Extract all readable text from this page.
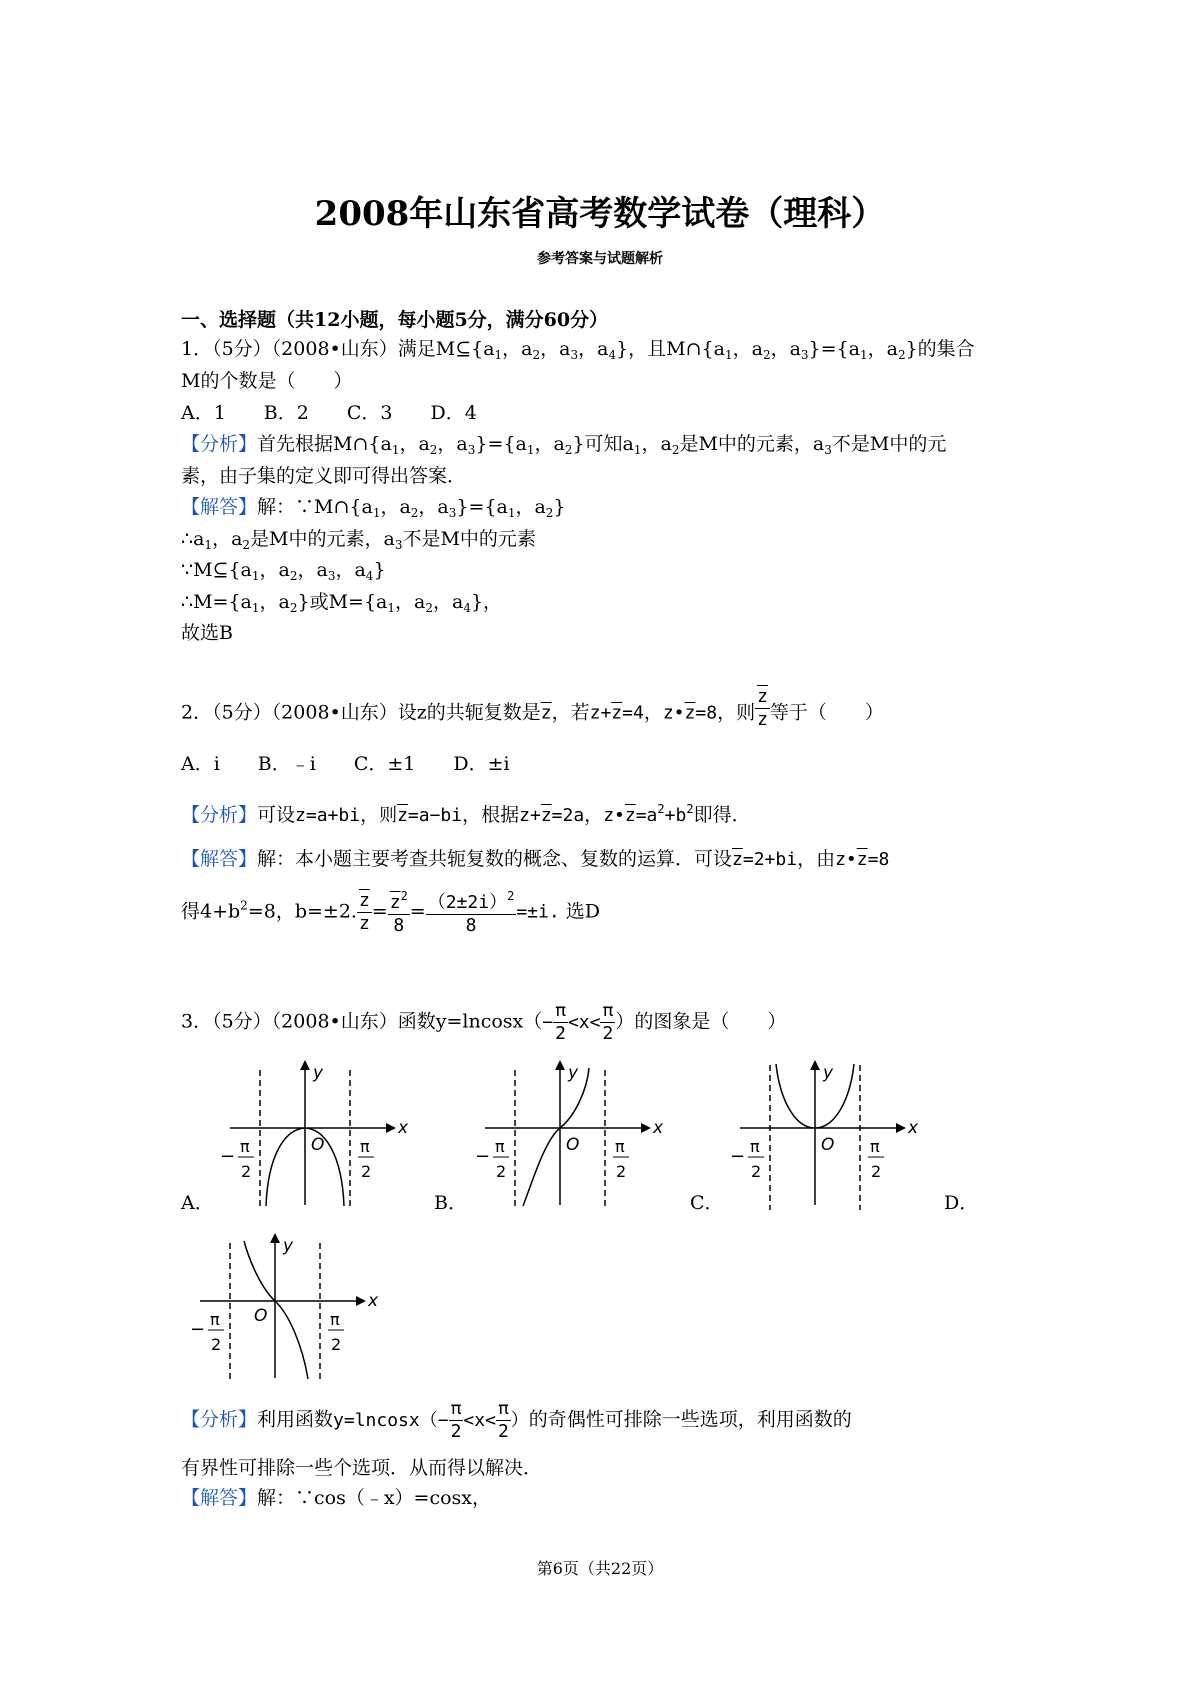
2008年山东省高考数学试卷（理科）
参考答案与试题解析
一、选择题（共12小题，每小题5分，满分60分）
1．（5分）（2008•山东）满足$M⊆\{a_1$，$a_2$，$a_3$，$a_4$}，且$M\cap\{a_1$，$a_2$，$a_3\}=\{a_1$，$a_2$}的集合
M的个数是（　　）
A．1　　B．2　　C．3　　D．4
【分析】首先根据$M\cap\{a_1$，$a_2$，$a_3\}=\{a_1$，$a_2$}可知$a_1$，$a_2$是M中的元素，$a_3$不是M中的元
素，由子集的定义即可得出答案．
【解答】解：$\because M\cap\{a_1$，$a_2$，$a_3\}=\{a_1$，$a_2$}
$\therefore a_1$，$a_2$是M中的元素，$a_3$不是M中的元素
$\because M⊆\{a_1$，$a_2$，$a_3$，$a_4$}
$\therefore M=\{a_1$，$a_2$}或$M=\{a_1$，$a_2$，$a_4$}，
故选B
2．（5分）（2008•山东）设z的共轭复数是$\overline{z}$，若$z+\overline{z}=4$，$z•\overline{z}=8$，则 $\frac{\overline{z}}{z}$ 等于（　　）
A．i　　B．﹣i　　C．±1　　D．±i
【分析】可设z=a+bi，则$\overline{z}=a-bi$，根据$z+\overline{z}=2a$，$z•\overline{z}=a^2+b^2$即得．
【解答】解：本小题主要考查共轭复数的概念、复数的运算．可设$\overline{z}=2+bi$，由$z•\overline{z}=8$
得$4+b^2=8$，b=±2. $\frac{\overline{z}}{z} = \frac{\overline{z}^2}{8} = \frac{(2\pm 2i)^2}{8} =\pm i$. 选D
3．（5分）（2008•山东）函数$y=lncosx(- \frac{\pi}{2} <x< \frac{\pi}{2}$ ）的图象是（　　）
A．	B．	C．	D．
y
x
O
− π
2
π
2
y
x
O
− π
2
π
2
y
x
O
− π
2
π
2
y
x
O
− π
2
π
2
【分析】利用函数$y=lncosx(- \frac{\pi}{2} <x< \frac{\pi}{2}$ ）的奇偶性可排除一些选项，利用函数的
有界性可排除一些个选项．从而得以解决．
【解答】解：∵cos（﹣x）=cosx，
第6页（共22页）
